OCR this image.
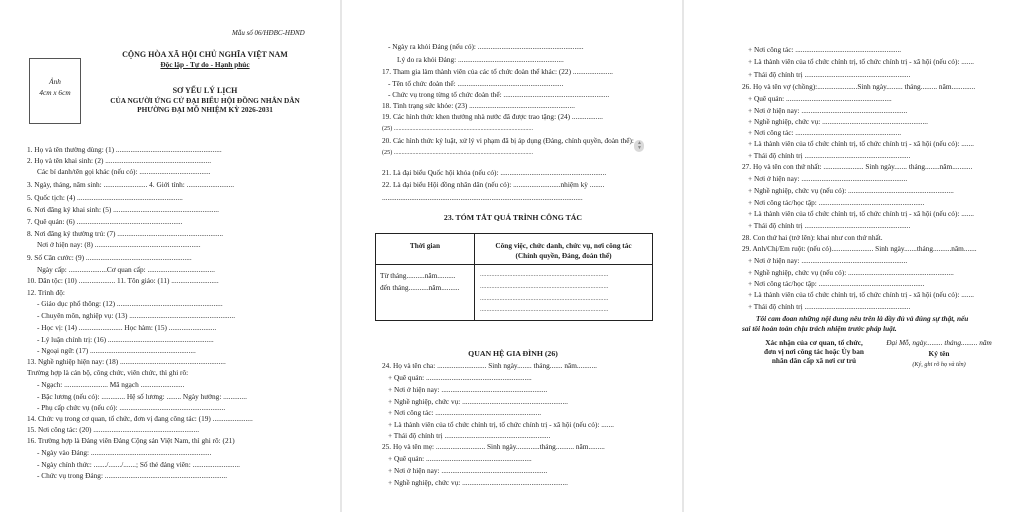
Mẫu số 06/HĐBC-HĐND
Ảnh
4cm x 6cm
CỘNG HÒA XÃ HỘI CHỦ NGHĨA VIỆT NAM
Độc lập - Tự do - Hạnh phúc
SƠ YẾU LÝ LỊCH
CỦA NGƯỜI ỨNG CỬ ĐẠI BIỂU HỘI ĐỒNG NHÂN DÂN
PHƯỜNG ĐẠI MỖ NHIỆM KỲ 2026-2031
1. Họ và tên thường dùng: (1) ..........................................................
2. Họ và tên khai sinh: (2) ..........................................................
Các bí danh/tên gọi khác (nếu có): .......................................
3. Ngày, tháng, năm sinh: ........................ 4. Giới tính: ..........................
5. Quốc tịch: (4) ..........................................................
6. Nơi đăng ký khai sinh: (5) ..........................................................
7. Quê quán: (6) ..........................................................
8. Nơi đăng ký thường trú: (7) ..........................................................
Nơi ở hiện nay: (8) ..........................................................
9. Số Căn cước: (9) ..........................................................
Ngày cấp: .....................Cơ quan cấp: .....................................
10. Dân tộc: (10) .................... 11. Tôn giáo: (11) ..........................
12. Trình độ:
- Giáo dục phổ thông: (12) ..........................................................
- Chuyên môn, nghiệp vụ: (13) ..........................................................
- Học vị: (14) ........................ Học hàm: (15) ..........................
- Lý luận chính trị: (16) ..........................................................
- Ngoại ngữ: (17) ..........................................................
13. Nghề nghiệp hiện nay: (18) ..........................................................
Trường hợp là cán bộ, công chức, viên chức, thì ghi rõ:
- Ngạch: ........................ Mã ngạch ........................
- Bậc lương (nếu có): ............. Hệ số lương: ........ Ngày hưởng: .............
- Phụ cấp chức vụ (nếu có): ..........................................................
14. Chức vụ trong cơ quan, tổ chức, đơn vị đang công tác: (19) ......................
15. Nơi công tác: (20) ..........................................................
16. Trường hợp là Đảng viên Đảng Cộng sản Việt Nam, thì ghi rõ: (21)
- Ngày vào Đảng: ..................................................................
- Ngày chính thức: ......./......./.......; Số thẻ đảng viên: ..........................
- Chức vụ trong Đảng: ...................................................................
- Ngày ra khỏi Đảng (nếu có): ..........................................................
Lý do ra khỏi Đảng: ..........................................................
17. Tham gia làm thành viên của các tổ chức đoàn thể khác: (22) ......................
- Tên tổ chức đoàn thể: ..........................................................
- Chức vụ trong từng tổ chức đoàn thể: ..........................................................
18. Tình trạng sức khỏe: (23) ..........................................................
19. Các hình thức khen thưởng nhà nước đã được trao tặng: (24) .................
(25) ..........................................................................................
20. Các hình thức kỷ luật, xử lý vi phạm đã bị áp dụng (Đảng, chính quyền, đoàn thể):
(25) ..........................................................................................
21. Là đại biểu Quốc hội khóa (nếu có): ..........................................................
22. Là đại biểu Hội đồng nhân dân (nếu có): ..........................nhiệm kỳ ........
..............................................................................................................
23. TÓM TẮT QUÁ TRÌNH CÔNG TÁC
Thời gian	Công việc, chức danh, chức vụ, nơi công tác
(Chính quyền, Đảng, đoàn thể)
Từ tháng..........năm..........
đến tháng...........năm..........
...............................................................................
...............................................................................
...............................................................................
...............................................................................
QUAN HỆ GIA ĐÌNH (26)
24. Họ và tên cha: ........................... Sinh ngày........ tháng....... năm...........
+ Quê quán: ..........................................................
+ Nơi ở hiện nay: ..........................................................
+ Nghề nghiệp, chức vụ: ..........................................................
+ Nơi công tác: ..........................................................
+ Là thành viên của tổ chức chính trị, tổ chức chính trị - xã hội (nếu có): .......
+ Thái độ chính trị ..........................................................
25. Họ và tên mẹ: ........................... Sinh ngày.............tháng.......... năm.........
+ Quê quán: ..........................................................
+ Nơi ở hiện nay: ..........................................................
+ Nghề nghiệp, chức vụ: ..........................................................
▲
▼
+ Nơi công tác: ..........................................................
+ Là thành viên của tổ chức chính trị, tổ chức chính trị - xã hội (nếu có): .......
+ Thái độ chính trị ..........................................................
26. Họ và tên vợ (chồng):......................Sinh ngày......... tháng......... năm.............
+ Quê quán: ..........................................................
+ Nơi ở hiện nay: ..........................................................
+ Nghề nghiệp, chức vụ: ..........................................................
+ Nơi công tác: ..........................................................
+ Là thành viên của tổ chức chính trị, tổ chức chính trị - xã hội (nếu có): .......
+ Thái độ chính trị ..........................................................
27. Họ và tên con thứ nhất: ...................... Sinh ngày....... tháng........năm...........
+ Nơi ở hiện nay: ..........................................................
+ Nghề nghiệp, chức vụ (nếu có): ..........................................................
+ Nơi công tác/học tập: ..........................................................
+ Là thành viên của tổ chức chính trị, tổ chức chính trị - xã hội (nếu có): .......
+ Thái độ chính trị ..........................................................
28. Con thứ hai (trở lên): khai như con thứ nhất.
29. Anh/Chị/Em ruột: (nếu có)....................... Sinh ngày.......tháng..........năm.......
+ Nơi ở hiện nay: ..........................................................
+ Nghề nghiệp, chức vụ (nếu có): ..........................................................
+ Nơi công tác/học tập: ..........................................................
+ Là thành viên của tổ chức chính trị, tổ chức chính trị - xã hội (nếu có): .......
+ Thái độ chính trị ..........................................................
Tôi cam đoan những nội dung nêu trên là đầy đủ và đúng sự thật, nếu
sai tôi hoàn toàn chịu trách nhiệm trước pháp luật.
Xác nhận của cơ quan, tổ chức,
đơn vị nơi công tác hoặc Ủy ban
nhân dân cấp xã nơi cư trú
Đại Mỗ, ngày......... tháng......... năm
Ký tên
(Ký, ghi rõ họ và tên)
